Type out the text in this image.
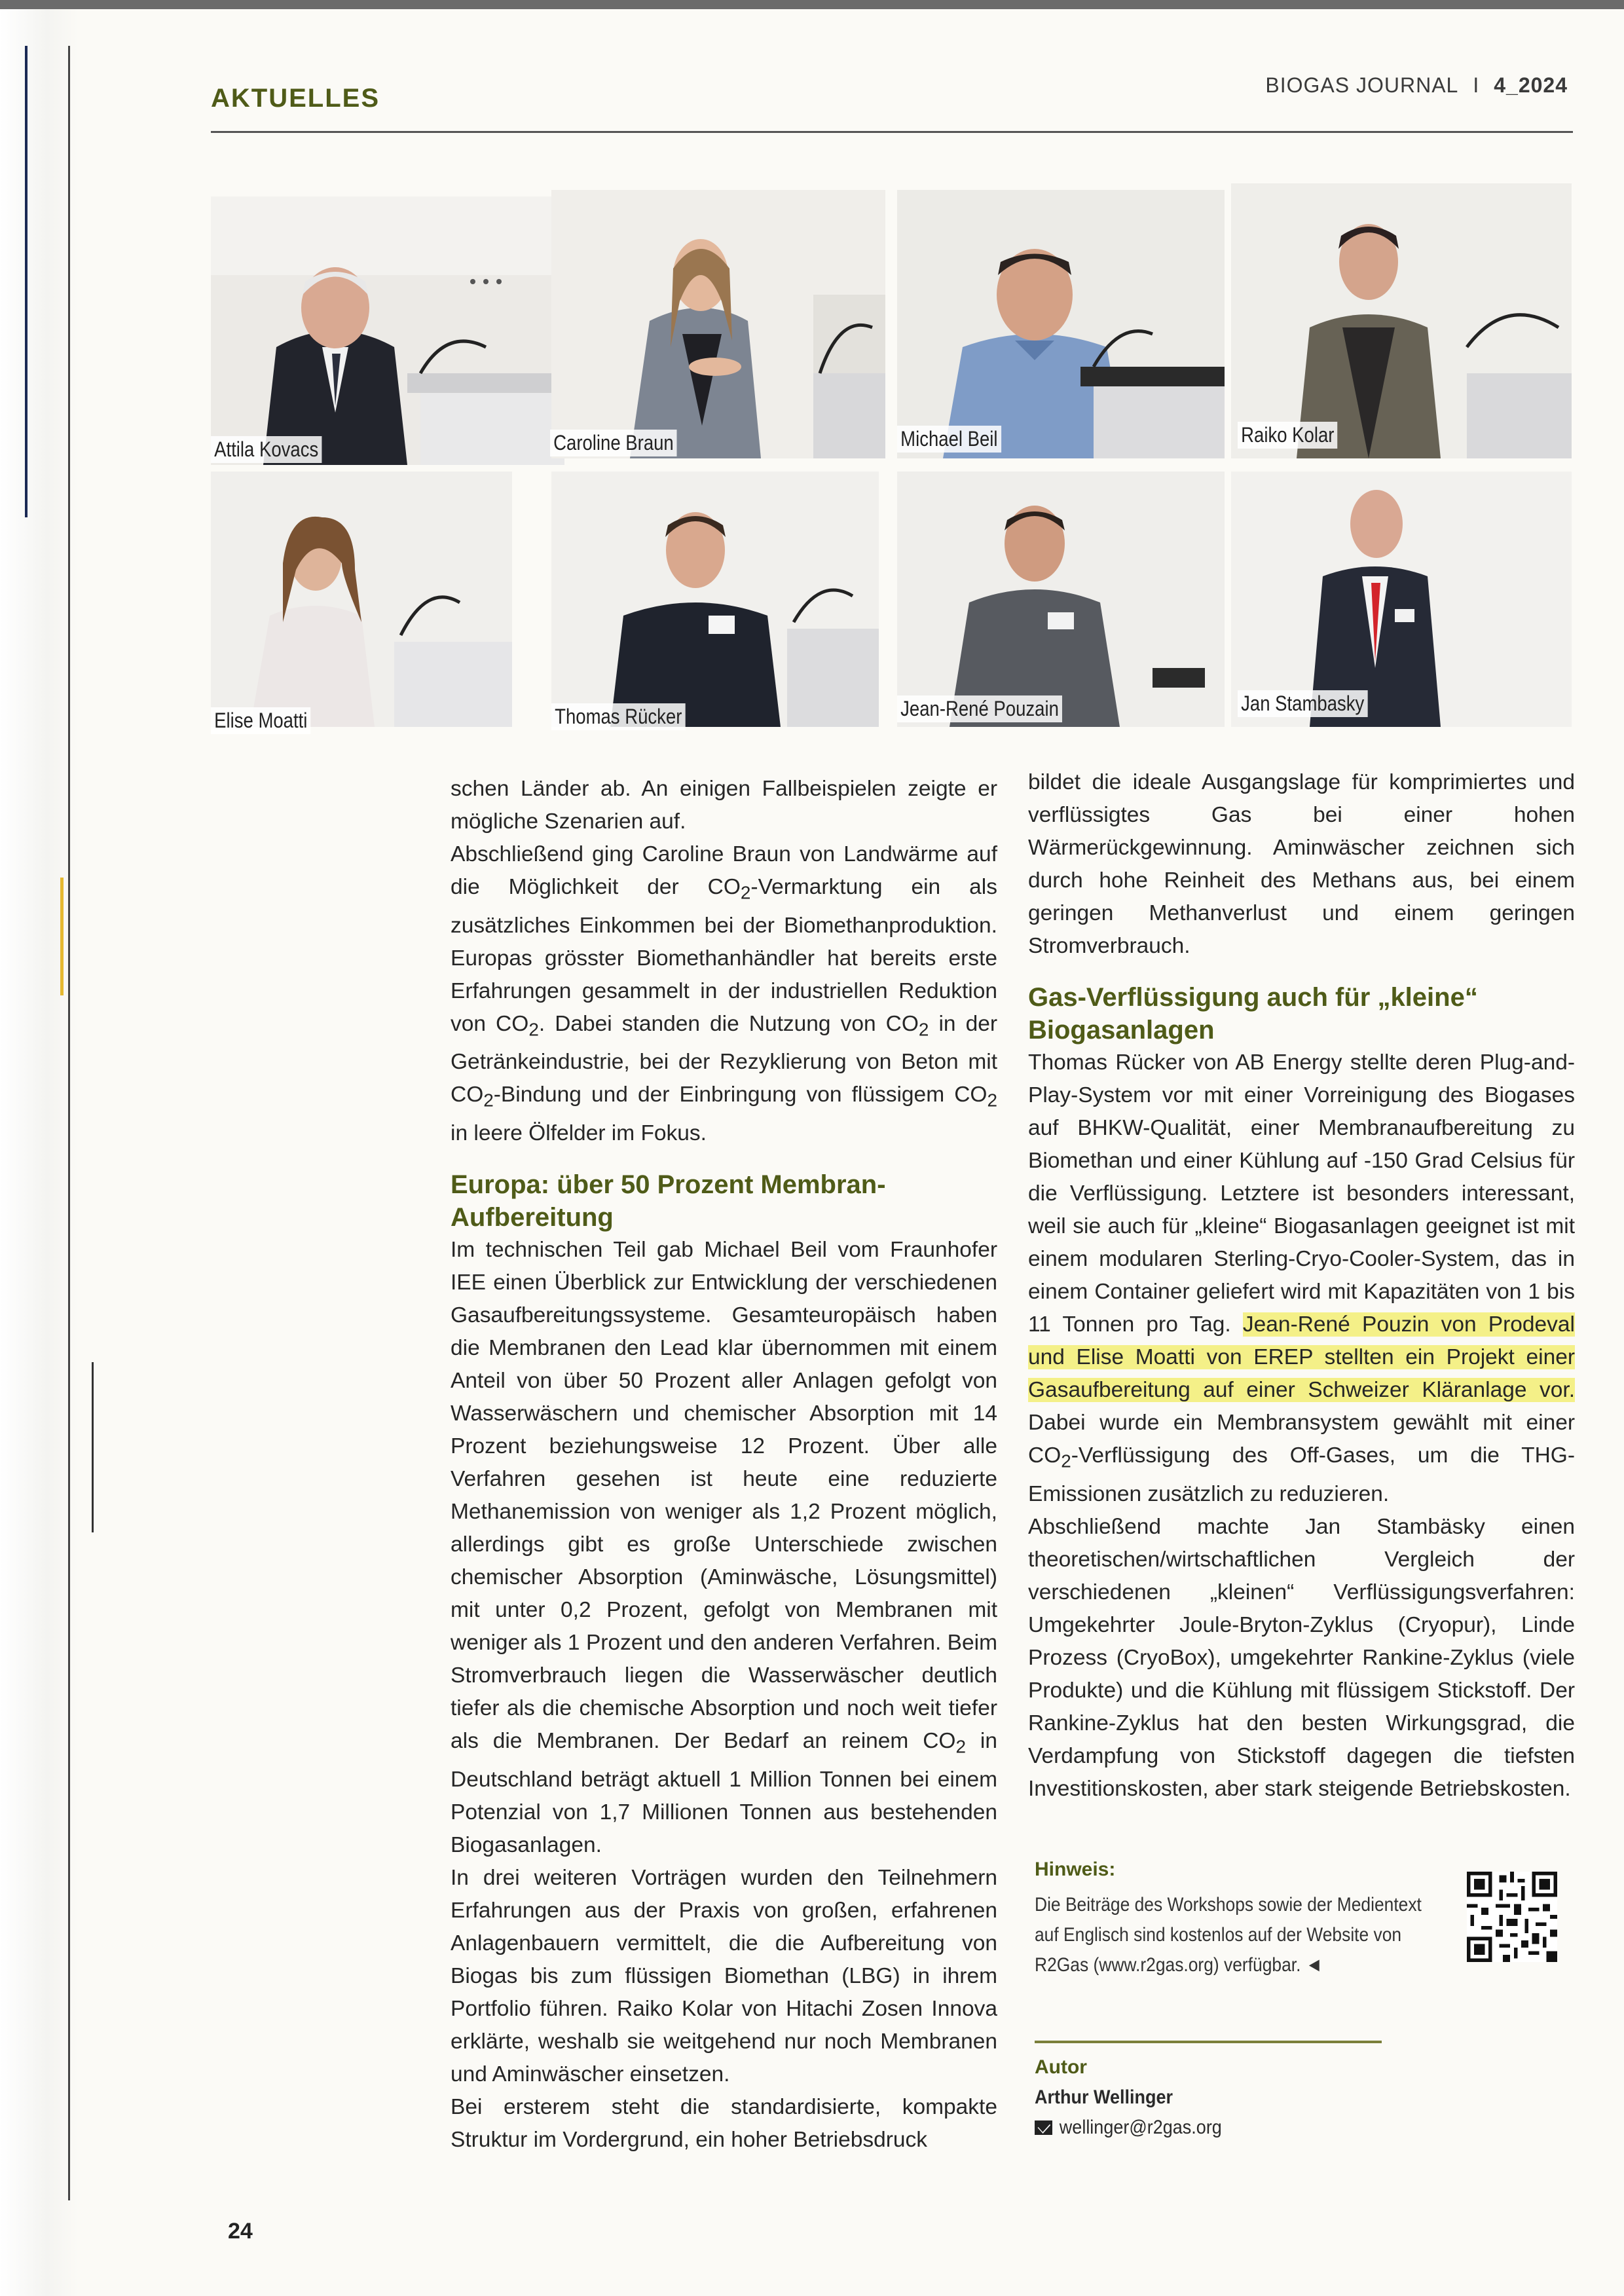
AKTUELLES	BIOGAS JOURNAL I 4_2024
Attila Kovacs	Caroline Braun	Michael Beil	Raiko Kolar
Elise Moatti	Thomas Rücker	Jean-René Pouzain	Jan Stambasky

schen Länder ab. An einigen Fallbeispielen zeigte er mögliche Szenarien auf.

Abschließend ging Caroline Braun von Landwärme auf die Möglichkeit der $CO_2$-Vermarktung ein als zusätzliches Einkommen bei der Biomethanproduktion. Europas grösster Biomethanhändler hat bereits erste Erfahrungen gesammelt in der industriellen Reduktion von $CO_2$. Dabei standen die Nutzung von $CO_2$ in der Getränkeindustrie, bei der Rezyklierung von Beton mit $CO_2$-Bindung und der Einbringung von flüssigem $CO_2$ in leere Ölfelder im Fokus.

Europa: über 50 Prozent Membran-Aufbereitung

Im technischen Teil gab Michael Beil vom Fraunhofer IEE einen Überblick zur Entwicklung der verschiedenen Gasaufbereitungssysteme. Gesamteuropäisch haben die Membranen den Lead klar übernommen mit einem Anteil von über 50 Prozent aller Anlagen gefolgt von Wasserwäschern und chemischer Absorption mit 14 Prozent beziehungsweise 12 Prozent. Über alle Verfahren gesehen ist heute eine reduzierte Methanemission von weniger als 1,2 Prozent möglich, allerdings gibt es große Unterschiede zwischen chemischer Absorption (Aminwäsche, Lösungsmittel) mit unter 0,2 Prozent, gefolgt von Membranen mit weniger als 1 Prozent und den anderen Verfahren. Beim Stromverbrauch liegen die Wasserwäscher deutlich tiefer als die chemische Absorption und noch weit tiefer als die Membranen. Der Bedarf an reinem $CO_2$ in Deutschland beträgt aktuell 1 Million Tonnen bei einem Potenzial von 1,7 Millionen Tonnen aus bestehenden Biogasanlagen.

In drei weiteren Vorträgen wurden den Teilnehmern Erfahrungen aus der Praxis von großen, erfahrenen Anlagenbauern vermittelt, die die Aufbereitung von Biogas bis zum flüssigen Biomethan (LBG) in ihrem Portfolio führen. Raiko Kolar von Hitachi Zosen Innova erklärte, weshalb sie weitgehend nur noch Membranen und Aminwäscher einsetzen.

Bei ersterem steht die standardisierte, kompakte Struktur im Vordergrund, ein hoher Betriebsdruck

bildet die ideale Ausgangslage für komprimiertes und verflüssigtes Gas bei einer hohen Wärmerückgewinnung. Aminwäscher zeichnen sich durch hohe Reinheit des Methans aus, bei einem geringen Methanverlust und einem geringen Stromverbrauch.

Gas-Verflüssigung auch für „kleine“ Biogasanlagen

Thomas Rücker von AB Energy stellte deren Plug-and-Play-System vor mit einer Vorreinigung des Biogases auf BHKW-Qualität, einer Membranaufbereitung zu Biomethan und einer Kühlung auf -150 Grad Celsius für die Verflüssigung. Letztere ist besonders interessant, weil sie auch für „kleine“ Biogasanlagen geeignet ist mit einem modularen Sterling-Cryo-Cooler-System, das in einem Container geliefert wird mit Kapazitäten von 1 bis 11 Tonnen pro Tag. Jean-René Pouzin von Prodeval und Elise Moatti von EREP stellten ein Projekt einer Gasaufbereitung auf einer Schweizer Kläranlage vor. Dabei wurde ein Membransystem gewählt mit einer $CO_2$-Verflüssigung des Off-Gases, um die THG-Emissionen zusätzlich zu reduzieren.

Abschließend machte Jan Stambäsky einen theoretischen/wirtschaftlichen Vergleich der verschiedenen „kleinen“ Verflüssigungsverfahren: Umgekehrter Joule-Bryton-Zyklus (Cryopur), Linde Prozess (CryoBox), umgekehrter Rankine-Zyklus (viele Produkte) und die Kühlung mit flüssigem Stickstoff. Der Rankine-Zyklus hat den besten Wirkungsgrad, die Verdampfung von Stickstoff dagegen die tiefsten Investitionskosten, aber stark steigende Betriebskosten.

Hinweis:
Die Beiträge des Workshops sowie der Medientext auf Englisch sind kostenlos auf der Website von R2Gas (www.r2gas.org) verfügbar. ◄
Autor
Arthur Wellinger
wellinger@r2gas.org
24
